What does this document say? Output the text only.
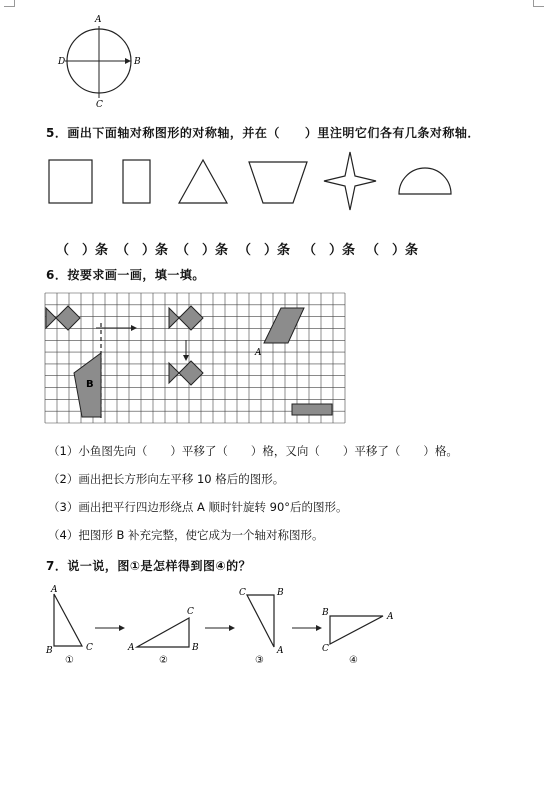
A
D	B
C
5．画出下面轴对称图形的对称轴，并在（　　）里注明它们各有几条对称轴．
（　）条 （　）条 （　）条 （　）条 （　）条 （　）条
6．按要求画一画，填一填。
A
B
（1）小鱼图先向（　　）平移了（　　）格，又向（　　）平移了（　　）格。
（2）画出把长方形向左平移 10 格后的图形。
（3）画出把平行四边形绕点 A 顺时针旋转 90°后的图形。
（4）把图形 B 补充完整，使它成为一个轴对称图形。
7．说一说，图①是怎样得到图④的？
A
B	C
①
A	B
C
②
C	B
A
③
B
C
A
④
